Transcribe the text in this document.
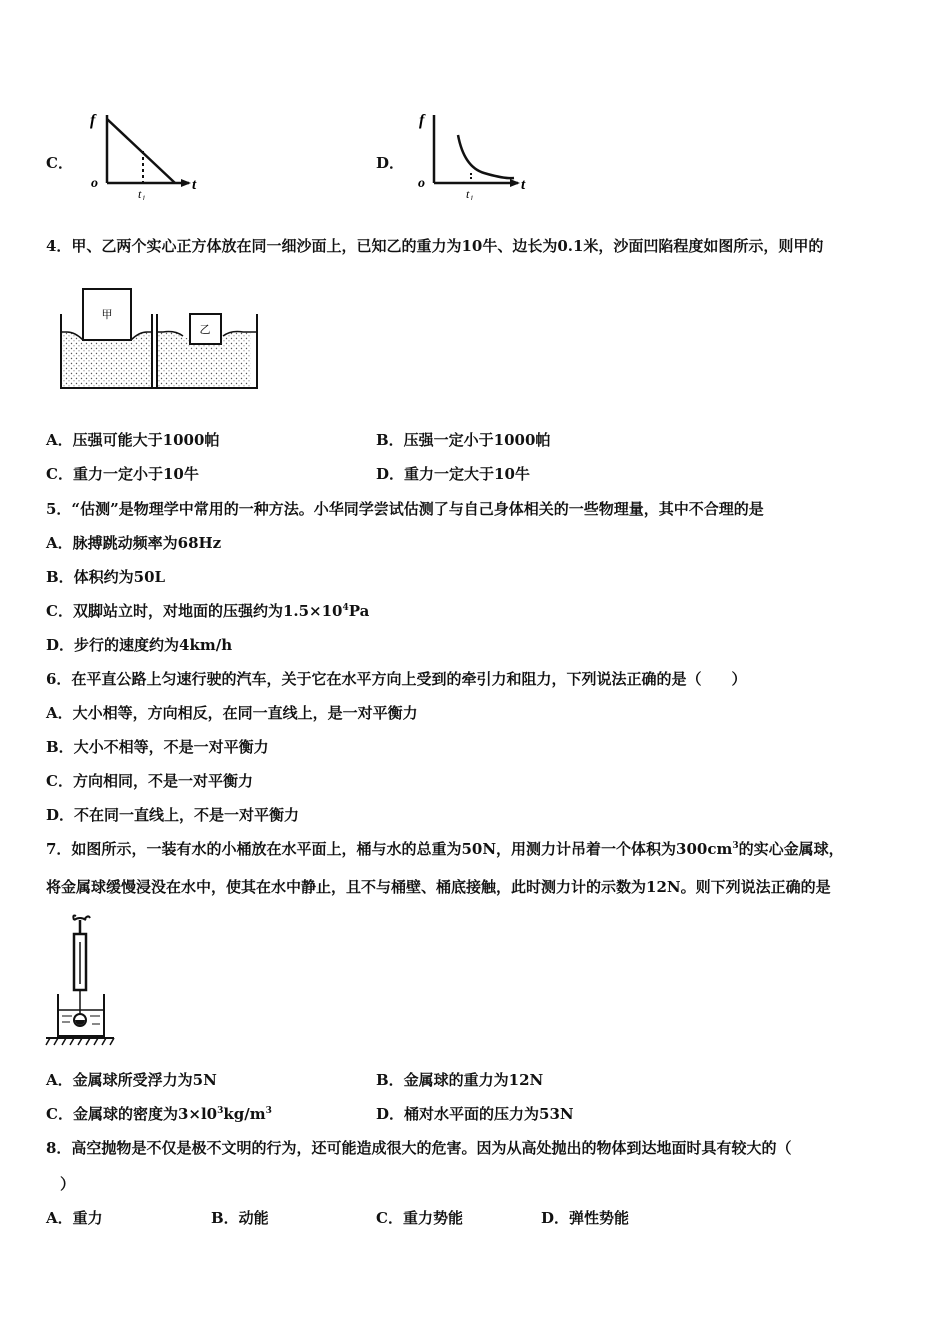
C．
f
o	t
t₁
D．
f
o	t
t₁
4．甲、乙两个实心正方体放在同一细沙面上，已知乙的重力为10牛、边长为0.1米，沙面凹陷程度如图所示，则甲的
甲
乙
A．压强可能大于1000帕	B．压强一定小于1000帕
C．重力一定小于10牛	D．重力一定大于10牛
5．“估测”是物理学中常用的一种方法。小华同学尝试估测了与自己身体相关的一些物理量，其中不合理的是
A．脉搏跳动频率为68Hz
B．体积约为50L
C．双脚站立时，对地面的压强约为$1.5\times 10^4Pa$
D．步行的速度约为4km/h
6．在平直公路上匀速行驶的汽车，关于它在水平方向上受到的牵引力和阻力，下列说法正确的是（　　）
A．大小相等，方向相反，在同一直线上，是一对平衡力
B．大小不相等，不是一对平衡力
C．方向相同，不是一对平衡力
D．不在同一直线上，不是一对平衡力
7．如图所示，一装有水的小桶放在水平面上，桶与水的总重为50N，用测力计吊着一个体积为$300cm^3$的实心金属球，
将金属球缓慢浸没在水中，使其在水中静止，且不与桶壁、桶底接触，此时测力计的示数为12N。则下列说法正确的是
A．金属球所受浮力为5N	B．金属球的重力为12N
C．金属球的密度为$3\times l0^3kg/m^3$	D．桶对水平面的压力为53N
8．高空抛物是不仅是极不文明的行为，还可能造成很大的危害。因为从高处抛出的物体到达地面时具有较大的（
）
A．重力	B．动能	C．重力势能	D．弹性势能
